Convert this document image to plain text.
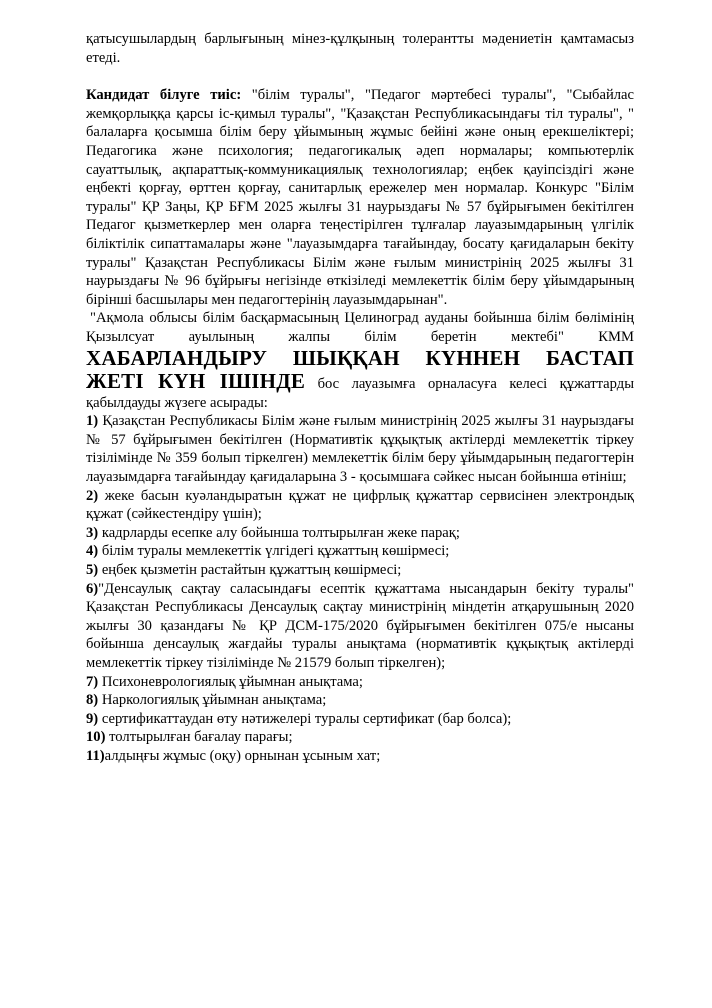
қатысушылардың барлығының мінез-құлқының толерантты мәдениетін қамтамасыз етеді.

Кандидат білуге тиіс: "білім туралы", "Педагог мәртебесі туралы", "Сыбайлас жемқорлыққа қарсы іс-қимыл туралы", "Қазақстан Республикасындағы тіл туралы", " балаларға қосымша білім беру ұйымының жұмыс бейіні және оның ерекшеліктері; Педагогика және психология; педагогикалық әдеп нормалары; компьютерлік сауаттылық, ақпараттық-коммуникациялық технологиялар; еңбек қауіпсіздігі және еңбекті қорғау, өрттен қорғау, санитарлық ережелер мен нормалар. Конкурс "Білім туралы" ҚР Заңы, ҚР БҒМ 2025 жылғы 31 наурыздағы № 57 бұйрығымен бекітілген Педагог қызметкерлер мен оларға теңестірілген тұлғалар лауазымдарының үлгілік біліктілік сипаттамалары және "лауазымдарға тағайындау, босату қағидаларын бекіту туралы" Қазақстан Республикасы Білім және ғылым министрінің 2025 жылғы 31 наурыздағы № 96 бұйрығы негізінде өткізіледі мемлекеттік білім беру ұйымдарының бірінші басшылары мен педагогтерінің лауазымдарынан".

"Ақмола облысы білім басқармасының Целиноград ауданы бойынша білім бөлімінің Қызылсуат ауылының жалпы білім беретін мектебі" КММ ХАБАРЛАНДЫРУ ШЫҚҚАН КҮННЕН БАСТАП ЖЕТІ КҮН ІШІНДЕ бос лауазымға орналасуға келесі құжаттарды қабылдауды жүзеге асырады:

1) Қазақстан Республикасы Білім және ғылым министрінің 2025 жылғы 31 наурыздағы № 57 бұйрығымен бекітілген (Нормативтік құқықтық актілерді мемлекеттік тіркеу тізілімінде № 359 болып тіркелген) мемлекеттік білім беру ұйымдарының педагогтерін лауазымдарға тағайындау қағидаларына 3 - қосымшаға сәйкес нысан бойынша өтініш;

2) жеке басын куәландыратын құжат не цифрлық құжаттар сервисінен электрондық құжат (сәйкестендіру үшін);

3) кадрларды есепке алу бойынша толтырылған жеке парақ;

4) білім туралы мемлекеттік үлгідегі құжаттың көшірмесі;

5) еңбек қызметін растайтын құжаттың көшірмесі;

6)"Денсаулық сақтау саласындағы есептік құжаттама нысандарын бекіту туралы" Қазақстан Республикасы Денсаулық сақтау министрінің міндетін атқарушының 2020 жылғы 30 қазандағы № ҚР ДСМ-175/2020 бұйрығымен бекітілген 075/е нысаны бойынша денсаулық жағдайы туралы анықтама (нормативтік құқықтық актілерді мемлекеттік тіркеу тізілімінде № 21579 болып тіркелген);

7) Психоневрологиялық ұйымнан анықтама;

8) Наркологиялық ұйымнан анықтама;

9) сертификаттаудан өту нәтижелері туралы сертификат (бар болса);

10) толтырылған бағалау парағы;

11)алдыңғы жұмыс (оқу) орнынан ұсыным хат;
